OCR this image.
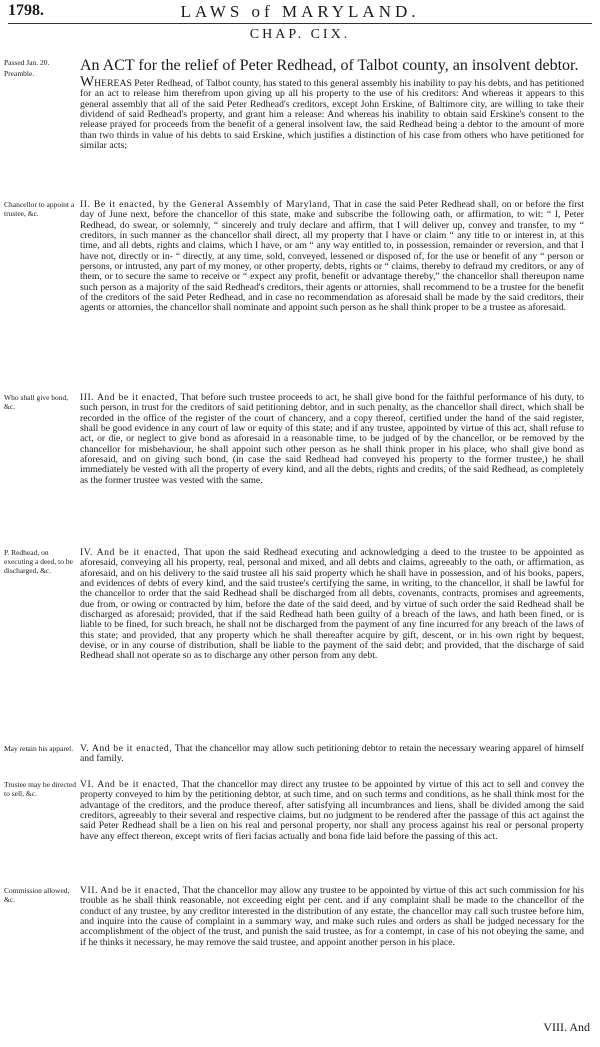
1798.	LAWS of MARYLAND.
CHAP. CIX.
Passed Jan. 20.
Preamble.	An ACT for the relief of Peter Redhead, of Talbot county, an insolvent debtor.
WHEREAS Peter Redhead, of Talbot county, has stated to this general assembly his inability to pay his debts, and has petitioned for an act to release him therefrom upon giving up all his property to the use of his creditors: And whereas it appears to this general assembly that all of the said Peter Redhead's creditors, except John Erskine, of Baltimore city, are willing to take their dividend of said Redhead's property, and grant him a release: And whereas his inability to obtain said Erskine's consent to the release prayed for proceeds from the benefit of a general insolvent law, the said Redhead being a debtor to the amount of more than two thirds in value of his debts to said Erskine, which justifies a distinction of his case from others who have petitioned for similar acts;
Chancellor to appoint a trustee, &c.
II. Be it enacted, by the General Assembly of Maryland, That in case the said Peter Redhead shall, on or before the first day of June next, before the chancellor of this state, make and subscribe the following oath, or affirmation, to wit: “ I, Peter Redhead, do swear, or solemnly, “ sincerely and truly declare and affirm, that I will deliver up, convey and transfer, to my “ creditors, in such manner as the chancellor shall direct, all my property that I have or claim “ any title to or interest in, at this time, and all debts, rights and claims, which I have, or am “ any way entitled to, in possession, remainder or reversion, and that I have not, directly or in- “ directly, at any time, sold, conveyed, lessened or disposed of, for the use or benefit of any “ person or persons, or intrusted, any part of my money, or other property, debts, rights or “ claims, thereby to defraud my creditors, or any of them, or to secure the same to receive or “ expect any profit, benefit or advantage thereby,” the chancellor shall thereupon name such person as a majority of the said Redhead's creditors, their agents or attornies, shall recommend to be a trustee for the benefit of the creditors of the said Peter Redhead, and in case no recommendation as aforesaid shall be made by the said creditors, their agents or attornies, the chancellor shall nominate and appoint such person as he shall think proper to be a trustee as aforesaid.
Who shall give bond, &c.
III. And be it enacted, That before such trustee proceeds to act, he shall give bond for the faithful performance of his duty, to such person, in trust for the creditors of said petitioning debtor, and in such penalty, as the chancellor shall direct, which shall be recorded in the office of the register of the court of chancery, and a copy thereof, certified under the hand of the said register, shall be good evidence in any court of law or equity of this state; and if any trustee, appointed by virtue of this act, shall refuse to act, or die, or neglect to give bond as aforesaid in a reasonable time, to be judged of by the chancellor, or be removed by the chancellor for misbehaviour, he shall appoint such other person as he shall think proper in his place, who shall give bond as aforesaid, and on giving such bond, (in case the said Redhead had conveyed his property to the former trustee,) he shall immediately be vested with all the property of every kind, and all the debts, rights and credits, of the said Redhead, as completely as the former trustee was vested with the same.
P. Redhead, on executing a deed, to be discharged, &c.
IV. And be it enacted, That upon the said Redhead executing and acknowledging a deed to the trustee to be appointed as aforesaid, conveying all his property, real, personal and mixed, and all debts and claims, agreeably to the oath, or affirmation, as aforesaid, and on his delivery to the said trustee all his said property which he shall have in possession, and of his books, papers, and evidences of debts of every kind, and the said trustee's certifying the same, in writing, to the chancellor, it shall be lawful for the chancellor to order that the said Redhead shall be discharged from all debts, covenants, contracts, promises and agreements, due from, or owing or contracted by him, before the date of the said deed, and by virtue of such order the said Redhead shall be discharged as aforesaid; provided, that if the said Redhead hath been guilty of a breach of the laws, and hath been fined, or is liable to be fined, for such breach, he shall not be discharged from the payment of any fine incurred for any breach of the laws of this state; and provided, that any property which he shall thereafter acquire by gift, descent, or in his own right by bequest, devise, or in any course of distribution, shall be liable to the payment of the said debt; and provided, that the discharge of said Redhead shall not operate so as to discharge any other person from any debt.
May retain his apparel. V. And be it enacted, That the chancellor may allow such petitioning debtor to retain the necessary wearing apparel of himself and family.
Trustee may be directed to sell, &c.
VI. And be it enacted, That the chancellor may direct any trustee to be appointed by virtue of this act to sell and convey the property conveyed to him by the petitioning debtor, at such time, and on such terms and conditions, as he shall think most for the advantage of the creditors, and the produce thereof, after satisfying all incumbrances and liens, shall be divided among the said creditors, agreeably to their several and respective claims, but no judgment to be rendered after the passage of this act against the said Peter Redhead shall be a lien on his real and personal property, nor shall any process against his real or personal property have any effect thereon, except writs of fieri facias actually and bona fide laid before the passing of this act.
Commission allowed, &c.
VII. And be it enacted, That the chancellor may allow any trustee to be appointed by virtue of this act such commission for his trouble as he shall think reasonable, not exceeding eight per cent. and if any complaint shall be made to the chancellor of the conduct of any trustee, by any creditor interested in the distribution of any estate, the chancellor may call such trustee before him, and inquire into the cause of complaint in a summary way, and make such rules and orders as shall be judged necessary for the accomplishment of the object of the trust, and punish the said trustee, as for a contempt, in case of his not obeying the same, and if he thinks it necessary, he may remove the said trustee, and appoint another person in his place.
VIII. And
